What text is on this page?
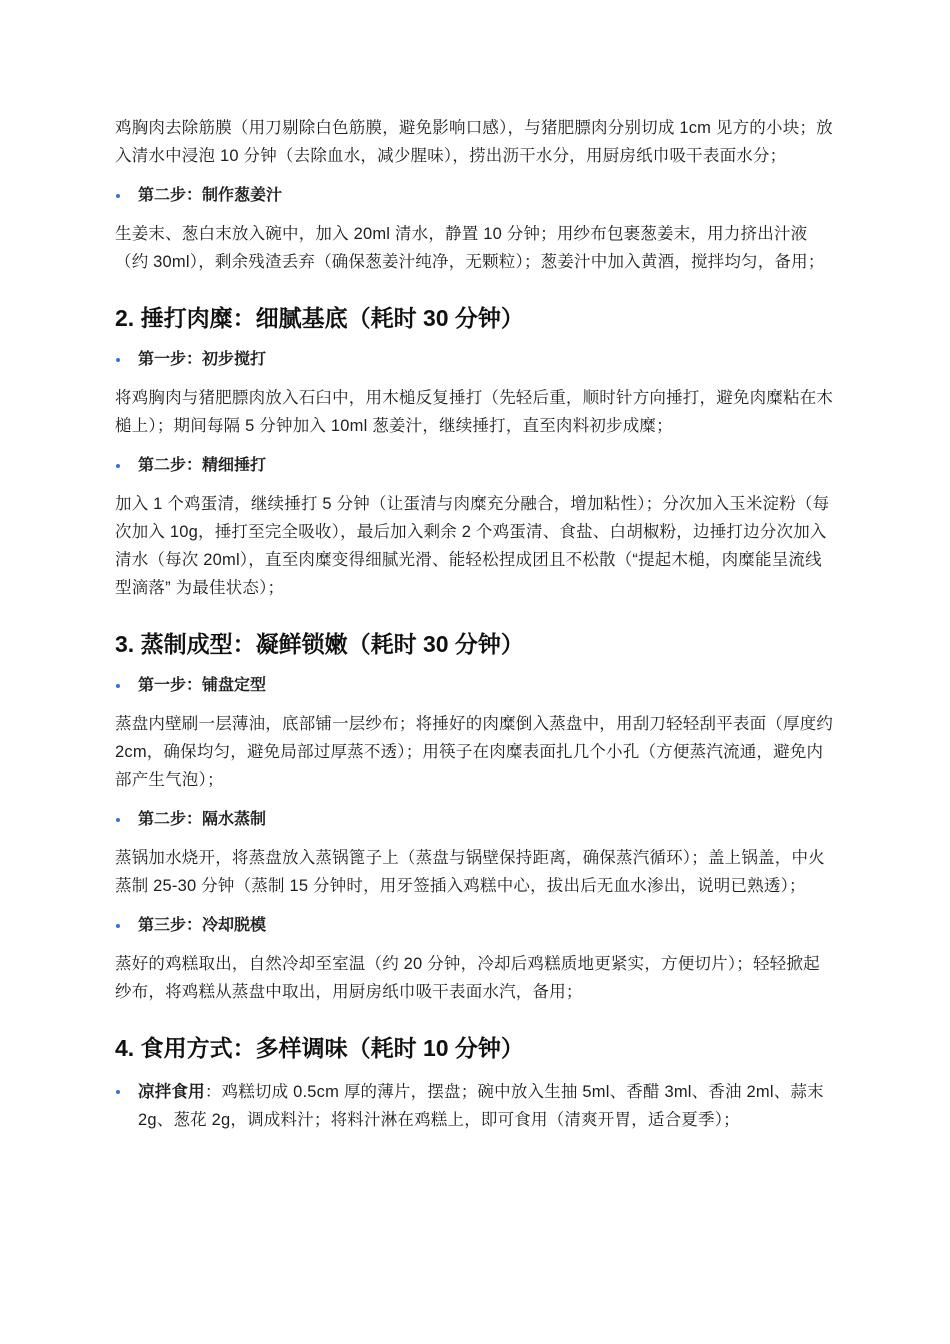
鸡胸肉去除筋膜（用刀剔除白色筋膜，避免影响口感），与猪肥膘肉分别切成 1cm 见方的小块；放入清水中浸泡 10 分钟（去除血水，减少腥味），捞出沥干水分，用厨房纸巾吸干表面水分；

第二步：制作葱姜汁

生姜末、葱白末放入碗中，加入 20ml 清水，静置 10 分钟；用纱布包裹葱姜末，用力挤出汁液（约 30ml），剩余残渣丢弃（确保葱姜汁纯净，无颗粒）；葱姜汁中加入黄酒，搅拌均匀，备用；

2. 捶打肉糜：细腻基底（耗时 30 分钟）
第一步：初步搅打

将鸡胸肉与猪肥膘肉放入石臼中，用木槌反复捶打（先轻后重，顺时针方向捶打，避免肉糜粘在木槌上）；期间每隔 5 分钟加入 10ml 葱姜汁，继续捶打，直至肉料初步成糜；

第二步：精细捶打

加入 1 个鸡蛋清，继续捶打 5 分钟（让蛋清与肉糜充分融合，增加粘性）；分次加入玉米淀粉（每次加入 10g，捶打至完全吸收），最后加入剩余 2 个鸡蛋清、食盐、白胡椒粉，边捶打边分次加入清水（每次 20ml），直至肉糜变得细腻光滑、能轻松捏成团且不松散（“提起木槌，肉糜能呈流线型滴落” 为最佳状态）；

3. 蒸制成型：凝鲜锁嫩（耗时 30 分钟）
第一步：铺盘定型

蒸盘内壁刷一层薄油，底部铺一层纱布；将捶好的肉糜倒入蒸盘中，用刮刀轻轻刮平表面（厚度约 2cm，确保均匀，避免局部过厚蒸不透）；用筷子在肉糜表面扎几个小孔（方便蒸汽流通，避免内部产生气泡）；

第二步：隔水蒸制

蒸锅加水烧开，将蒸盘放入蒸锅篦子上（蒸盘与锅壁保持距离，确保蒸汽循环）；盖上锅盖，中火蒸制 25-30 分钟（蒸制 15 分钟时，用牙签插入鸡糕中心，拔出后无血水渗出，说明已熟透）；

第三步：冷却脱模

蒸好的鸡糕取出，自然冷却至室温（约 20 分钟，冷却后鸡糕质地更紧实，方便切片）；轻轻掀起纱布，将鸡糕从蒸盘中取出，用厨房纸巾吸干表面水汽，备用；

4. 食用方式：多样调味（耗时 10 分钟）
凉拌食用：鸡糕切成 0.5cm 厚的薄片，摆盘；碗中放入生抽 5ml、香醋 3ml、香油 2ml、蒜末 2g、葱花 2g，调成料汁；将料汁淋在鸡糕上，即可食用（清爽开胃，适合夏季）；
